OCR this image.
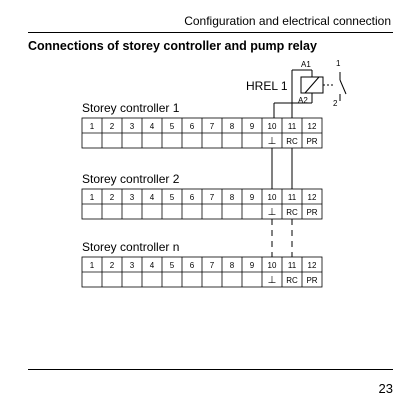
Configuration and electrical connection
Connections of storey controller and pump relay
HREL 1
A1
A2
1
2
Storey controller 1
1 2 3 4 5 6 7 8 9 10 11 12
⊥ RC PR
Storey controller 2
1 2 3 4 5 6 7 8 9 10 11 12
⊥ RC PR
Storey controller n
1 2 3 4 5 6 7 8 9 10 11 12
⊥ RC PR
23
